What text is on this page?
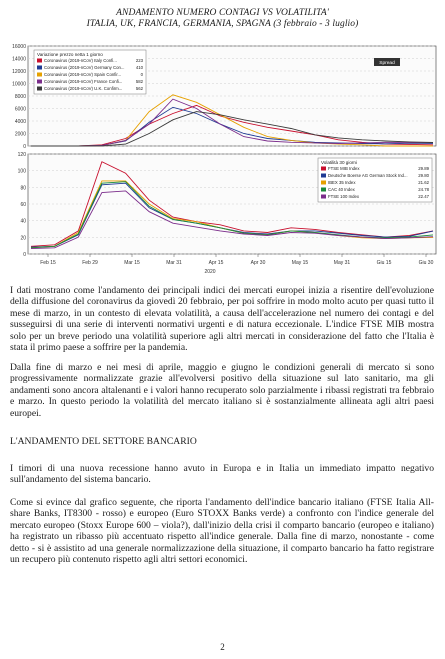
ANDAMENTO NUMERO CONTAGI VS VOLATILITA'
ITALIA, UK, FRANCIA, GERMANIA, SPAGNA (3 febbraio - 3 luglio)
16000
14000
12000
10000
8000
6000
4000
2000
0
Variazione prezzo netta 1 giorno
Coronavirus (2019-nCoV) Italy Confi...	223
Coronavirus (2019-nCoV) Germany Con...	410
Coronavirus (2019-nCoV) Spain Confir...	0
Coronavirus (2019-nCoV) France Confi...	582
Coronavirus (2019-nCoV) U.K. Confirm...	562
Spread
120
100
80
60
40
20
0
Volatilità 30 giorni
FTSE MIB Index	29.89
Deutsche Boerse AG German Stock Ind... 29.80
IBEX 35 Index	21.62
CAC 40 Index	24.78
FTSE 100 Index	22.47
Feb 15	Feb 29	Mar 15	Mar 31	Apr 15	Apr 30	May 15	May 31	Giu 15	Giu 30
2020
I dati mostrano come l'andamento dei principali indici dei mercati europei inizia a risentire dell'evoluzione della diffusione del coronavirus da giovedì 20 febbraio, per poi soffrire in modo molto acuto per quasi tutto il mese di marzo, in un contesto di elevata volatilità, a causa dell'accelerazione nel numero dei contagi e del susseguirsi di una serie di interventi normativi urgenti e di natura eccezionale. L'indice FTSE MIB mostra solo per un breve periodo una volatilità superiore agli altri mercati in considerazione del fatto che l'Italia è stata il primo paese a soffrire per la pandemia.
Dalla fine di marzo e nei mesi di aprile, maggio e giugno le condizioni generali di mercato si sono progressivamente normalizzate grazie all'evolversi positivo della situazione sul lato sanitario, ma gli andamenti sono ancora altalenanti e i valori hanno recuperato solo parzialmente i ribassi registrati tra febbraio e marzo. In questo periodo la volatilità del mercato italiano si è sostanzialmente allineata agli altri paesi europei.
L'ANDAMENTO DEL SETTORE BANCARIO
I timori di una nuova recessione hanno avuto in Europa e in Italia un immediato impatto negativo sull'andamento del sistema bancario.
Come si evince dal grafico seguente, che riporta l'andamento dell'indice bancario italiano (FTSE Italia All-share Banks, IT8300 - rosso) e europeo (Euro STOXX Banks verde) a confronto con l'indice generale del mercato europeo (Stoxx Europe 600 – viola?), dall'inizio della crisi il comparto bancario (europeo e italiano) ha registrato un ribasso più accentuato rispetto all'indice generale. Dalla fine di marzo, nonostante - come detto - si è assistito ad una generale normalizzazione della situazione, il comparto bancario ha fatto registrare un recupero più contenuto rispetto agli altri settori economici.
2
